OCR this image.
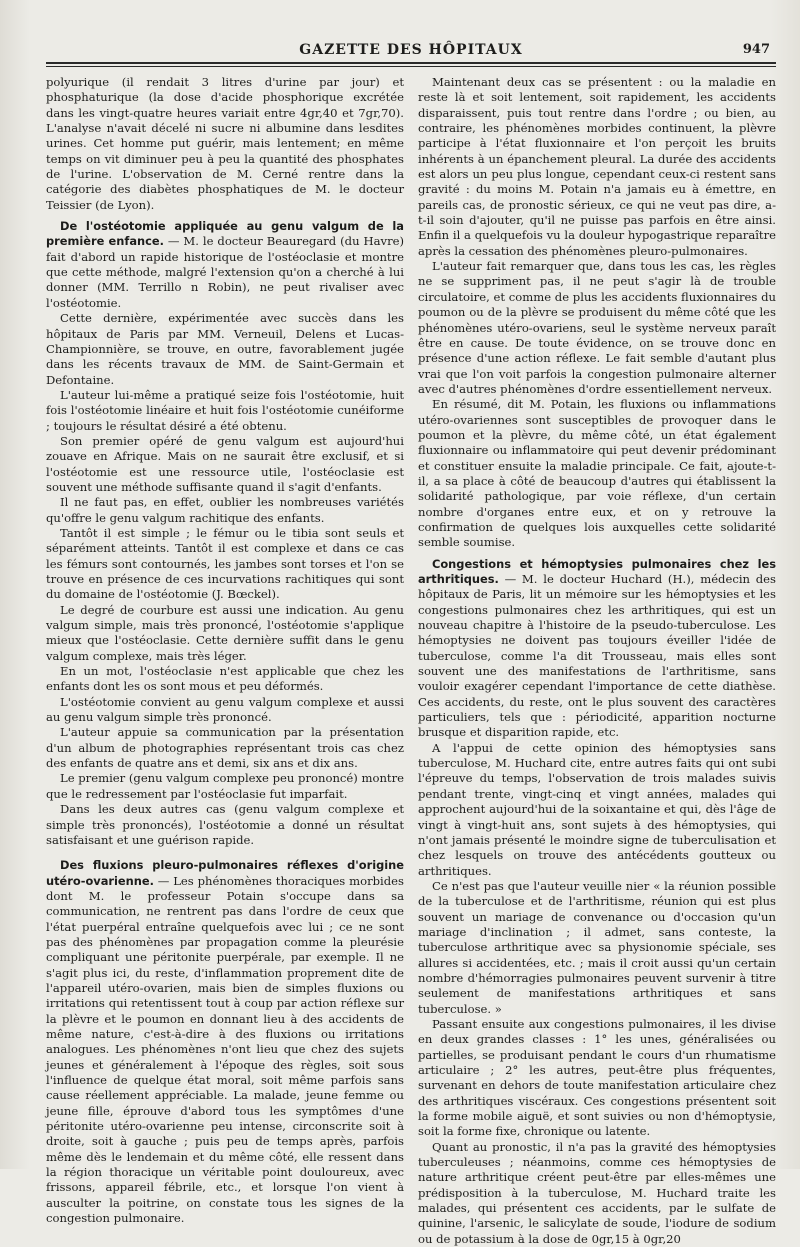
GAZETTE DES HÔPITAUX	947

polyurique (il rendait 3 litres d'urine par jour) et phosphaturique (la dose d'acide phosphorique excrétée dans les vingt-quatre heures variait entre 4gr,40 et 7gr,70). L'analyse n'avait décelé ni sucre ni albumine dans lesdites urines. Cet homme put guérir, mais lentement; en même temps on vit diminuer peu à peu la quantité des phosphates de l'urine. L'observation de M. Cerné rentre dans la catégorie des diabètes phosphatiques de M. le docteur Teissier (de Lyon).

De l'ostéotomie appliquée au genu valgum de la première enfance. — M. le docteur Beauregard (du Havre) fait d'abord un rapide historique de l'ostéoclasie et montre que cette méthode, malgré l'extension qu'on a cherché à lui donner (MM. Terrillo n Robin), ne peut rivaliser avec l'ostéotomie.

Cette dernière, expérimentée avec succès dans les hôpitaux de Paris par MM. Verneuil, Delens et Lucas-Championnière, se trouve, en outre, favorablement jugée dans les récents travaux de MM. de Saint-Germain et Defontaine.

L'auteur lui-même a pratiqué seize fois l'ostéotomie, huit fois l'ostéotomie linéaire et huit fois l'ostéotomie cunéiforme ; toujours le résultat désiré a été obtenu.

Son premier opéré de genu valgum est aujourd'hui zouave en Afrique. Mais on ne saurait être exclusif, et si l'ostéotomie est une ressource utile, l'ostéoclasie est souvent une méthode suffisante quand il s'agit d'enfants.

Il ne faut pas, en effet, oublier les nombreuses variétés qu'offre le genu valgum rachitique des enfants.

Tantôt il est simple ; le fémur ou le tibia sont seuls et séparément atteints. Tantôt il est complexe et dans ce cas les fémurs sont contournés, les jambes sont torses et l'on se trouve en présence de ces incurvations rachitiques qui sont du domaine de l'ostéotomie (J. Bœckel).

Le degré de courbure est aussi une indication. Au genu valgum simple, mais très prononcé, l'ostéotomie s'applique mieux que l'ostéoclasie. Cette dernière suffit dans le genu valgum complexe, mais très léger.

En un mot, l'ostéoclasie n'est applicable que chez les enfants dont les os sont mous et peu déformés.

L'ostéotomie convient au genu valgum complexe et aussi au genu valgum simple très prononcé.

L'auteur appuie sa communication par la présentation d'un album de photographies représentant trois cas chez des enfants de quatre ans et demi, six ans et dix ans.

Le premier (genu valgum complexe peu prononcé) montre que le redressement par l'ostéoclasie fut imparfait.

Dans les deux autres cas (genu valgum complexe et simple très prononcés), l'ostéotomie a donné un résultat satisfaisant et une guérison rapide.

Des fluxions pleuro-pulmonaires réflexes d'origine utéro-ovarienne. — Les phénomènes thoraciques morbides dont M. le professeur Potain s'occupe dans sa communication, ne rentrent pas dans l'ordre de ceux que l'état puerpéral entraîne quelquefois avec lui ; ce ne sont pas des phénomènes par propagation comme la pleurésie compliquant une péritonite puerpérale, par exemple. Il ne s'agit plus ici, du reste, d'inflammation proprement dite de l'appareil utéro-ovarien, mais bien de simples fluxions ou irritations qui retentissent tout à coup par action réflexe sur la plèvre et le poumon en donnant lieu à des accidents de même nature, c'est-à-dire à des fluxions ou irritations analogues. Les phénomènes n'ont lieu que chez des sujets jeunes et généralement à l'époque des règles, soit sous l'influence de quelque état moral, soit même parfois sans cause réellement appréciable. La malade, jeune femme ou jeune fille, éprouve d'abord tous les symptômes d'une péritonite utéro-ovarienne peu intense, circonscrite soit à droite, soit à gauche ; puis peu de temps après, parfois même dès le lendemain et du même côté, elle ressent dans la région thoracique un véritable point douloureux, avec frissons, appareil fébrile, etc., et lorsque l'on vient à ausculter la poitrine, on constate tous les signes de la congestion pulmonaire.

Maintenant deux cas se présentent : ou la maladie en reste là et soit lentement, soit rapidement, les accidents disparaissent, puis tout rentre dans l'ordre ; ou bien, au contraire, les phénomènes morbides continuent, la plèvre participe à l'état fluxionnaire et l'on perçoit les bruits inhérents à un épanchement pleural. La durée des accidents est alors un peu plus longue, cependant ceux-ci restent sans gravité : du moins M. Potain n'a jamais eu à émettre, en pareils cas, de pronostic sérieux, ce qui ne veut pas dire, a-t-il soin d'ajouter, qu'il ne puisse pas parfois en être ainsi. Enfin il a quelquefois vu la douleur hypogastrique reparaître après la cessation des phénomènes pleuro-pulmonaires.

L'auteur fait remarquer que, dans tous les cas, les règles ne se suppriment pas, il ne peut s'agir là de trouble circulatoire, et comme de plus les accidents fluxionnaires du poumon ou de la plèvre se produisent du même côté que les phénomènes utéro-ovariens, seul le système nerveux paraît être en cause. De toute évidence, on se trouve donc en présence d'une action réflexe. Le fait semble d'autant plus vrai que l'on voit parfois la congestion pulmonaire alterner avec d'autres phénomènes d'ordre essentiellement nerveux.

En résumé, dit M. Potain, les fluxions ou inflammations utéro-ovariennes sont susceptibles de provoquer dans le poumon et la plèvre, du même côté, un état également fluxionnaire ou inflammatoire qui peut devenir prédominant et constituer ensuite la maladie principale. Ce fait, ajoute-t-il, a sa place à côté de beaucoup d'autres qui établissent la solidarité pathologique, par voie réflexe, d'un certain nombre d'organes entre eux, et on y retrouve la confirmation de quelques lois auxquelles cette solidarité semble soumise.

Congestions et hémoptysies pulmonaires chez les arthritiques. — M. le docteur Huchard (H.), médecin des hôpitaux de Paris, lit un mémoire sur les hémoptysies et les congestions pulmonaires chez les arthritiques, qui est un nouveau chapitre à l'histoire de la pseudo-tuberculose. Les hémoptysies ne doivent pas toujours éveiller l'idée de tuberculose, comme l'a dit Trousseau, mais elles sont souvent une des manifestations de l'arthritisme, sans vouloir exagérer cependant l'importance de cette diathèse. Ces accidents, du reste, ont le plus souvent des caractères particuliers, tels que : périodicité, apparition nocturne brusque et disparition rapide, etc.

A l'appui de cette opinion des hémoptysies sans tuberculose, M. Huchard cite, entre autres faits qui ont subi l'épreuve du temps, l'observation de trois malades suivis pendant trente, vingt-cinq et vingt années, malades qui approchent aujourd'hui de la soixantaine et qui, dès l'âge de vingt à vingt-huit ans, sont sujets à des hémoptysies, qui n'ont jamais présenté le moindre signe de tuberculisation et chez lesquels on trouve des antécédents goutteux ou arthritiques.

Ce n'est pas que l'auteur veuille nier « la réunion possible de la tuberculose et de l'arthritisme, réunion qui est plus souvent un mariage de convenance ou d'occasion qu'un mariage d'inclination ; il admet, sans conteste, la tuberculose arthritique avec sa physionomie spéciale, ses allures si accidentées, etc. ; mais il croit aussi qu'un certain nombre d'hémorragies pulmonaires peuvent survenir à titre seulement de manifestations arthritiques et sans tuberculose. »

Passant ensuite aux congestions pulmonaires, il les divise en deux grandes classes : 1° les unes, généralisées ou partielles, se produisant pendant le cours d'un rhumatisme articulaire ; 2° les autres, peut-être plus fréquentes, survenant en dehors de toute manifestation articulaire chez des arthritiques viscéraux. Ces congestions présentent soit la forme mobile aiguë, et sont suivies ou non d'hémoptysie, soit la forme fixe, chronique ou latente.

Quant au pronostic, il n'a pas la gravité des hémoptysies tuberculeuses ; néanmoins, comme ces hémoptysies de nature arthritique créent peut-être par elles-mêmes une prédisposition à la tuberculose, M. Huchard traite les malades, qui présentent ces accidents, par le sulfate de quinine, l'arsenic, le salicylate de soude, l'iodure de sodium ou de potassium à la dose de 0gr,15 à 0gr,20
